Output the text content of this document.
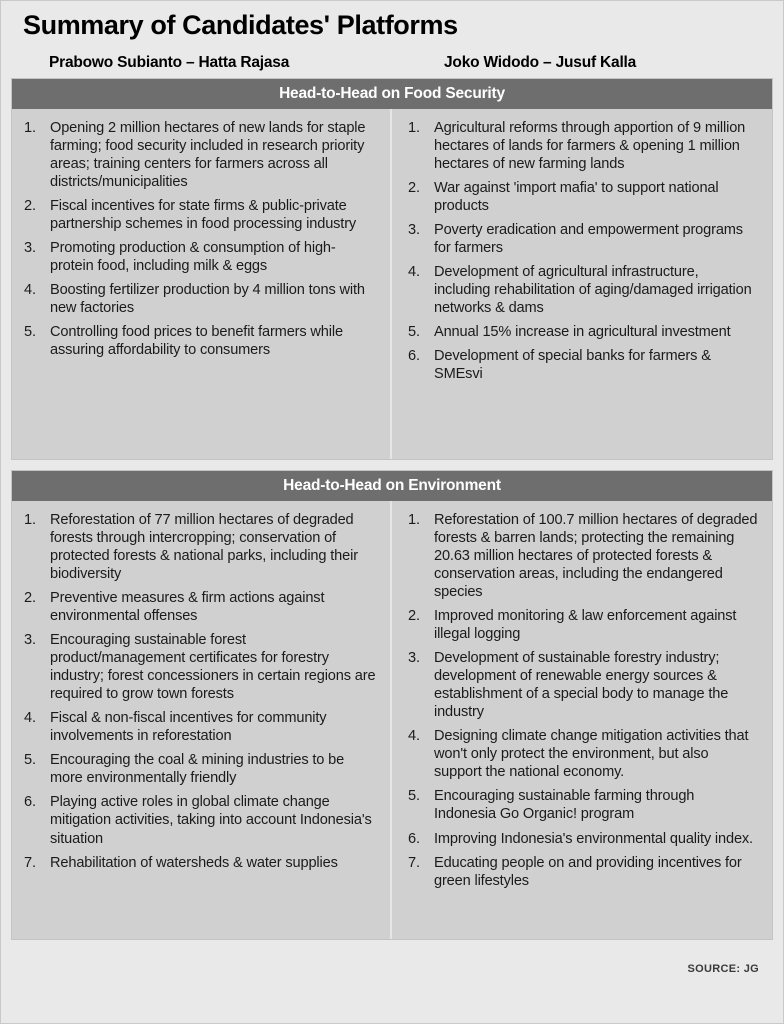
Summary of Candidates' Platforms
Prabowo Subianto – Hatta Rajasa	Joko Widodo – Jusuf Kalla
Head-to-Head on Food Security
Opening 2 million hectares of new lands for staple farming; food security included in research priority areas; training centers for farmers across all districts/municipalities
Fiscal incentives for state firms & public-private partnership schemes in food processing industry
Promoting production & consumption of high-protein food, including milk & eggs
Boosting fertilizer production by 4 million tons with new factories
Controlling food prices to benefit farmers while assuring affordability to consumers
Agricultural reforms through apportion of 9 million hectares of lands for farmers & opening 1 million hectares of new farming lands
War against 'import mafia' to support national products
Poverty eradication and empowerment programs for farmers
Development of agricultural infrastructure, including rehabilitation of aging/damaged irrigation networks & dams
Annual 15% increase in agricultural investment
Development of special banks for farmers & SMEsvi
Head-to-Head on Environment
Reforestation of 77 million hectares of degraded forests through intercropping; conservation of protected forests & national parks, including their biodiversity
Preventive measures & firm actions against environmental offenses
Encouraging sustainable forest product/management certificates for forestry industry; forest concessioners in certain regions are required to grow town forests
Fiscal & non-fiscal incentives for community involvements in reforestation
Encouraging the coal & mining industries to be more environmentally friendly
Playing active roles in global climate change mitigation activities, taking into account Indonesia's situation
Rehabilitation of watersheds & water supplies
Reforestation of 100.7 million hectares of degraded forests & barren lands; protecting the remaining 20.63 million hectares of protected forests & conservation areas, including the endangered species
Improved monitoring & law enforcement against illegal logging
Development of sustainable forestry industry; development of renewable energy sources & establishment of a special body to manage the industry
Designing climate change mitigation activities that won't only protect the environment, but also support the national economy.
Encouraging sustainable farming through Indonesia Go Organic! program
Improving Indonesia's environmental quality index.
Educating people on and providing incentives for green lifestyles
SOURCE: JG
